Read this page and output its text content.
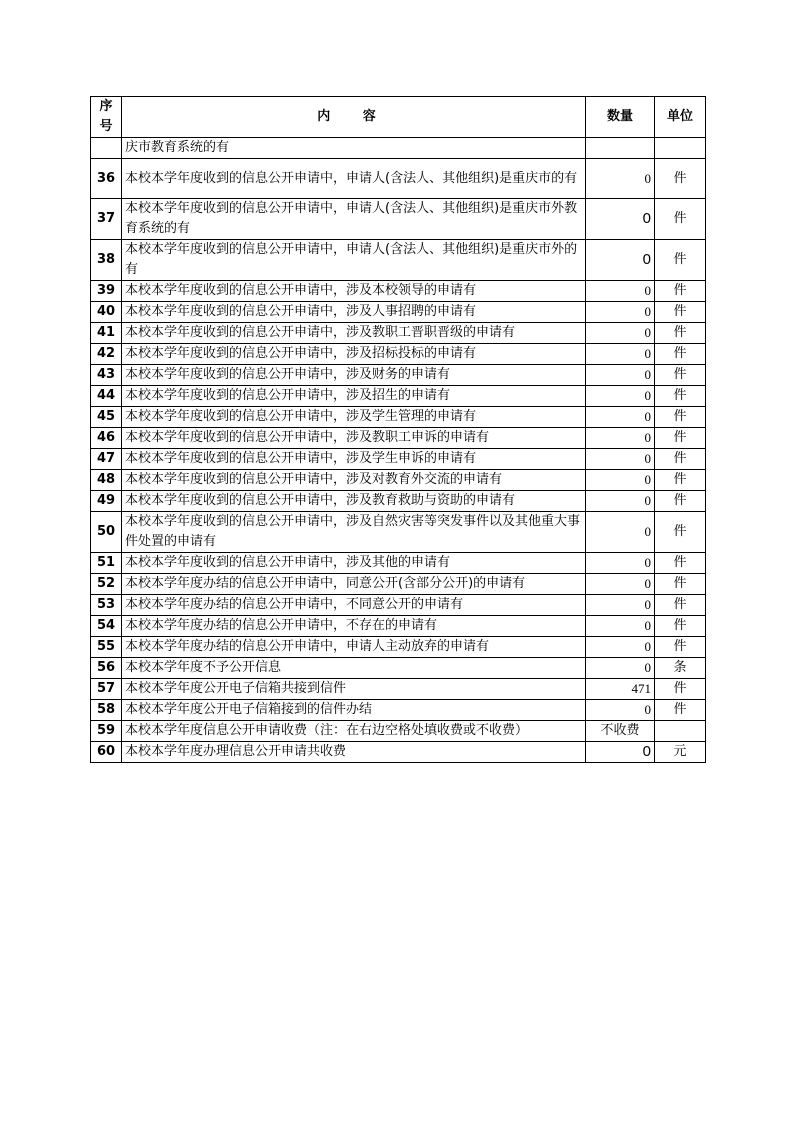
序号	内 容	数量	单位
	庆市教育系统的有		
36	本校本学年度收到的信息公开申请中，申请人(含法人、其他组织)是重庆市的有	0	件
37	本校本学年度收到的信息公开申请中，申请人(含法人、其他组织)是重庆市外教育系统的有	0	件
38	本校本学年度收到的信息公开申请中，申请人(含法人、其他组织)是重庆市外的有	0	件
39	本校本学年度收到的信息公开申请中，涉及本校领导的申请有	0	件
40	本校本学年度收到的信息公开申请中，涉及人事招聘的申请有	0	件
41	本校本学年度收到的信息公开申请中，涉及教职工晋职晋级的申请有	0	件
42	本校本学年度收到的信息公开申请中，涉及招标投标的申请有	0	件
43	本校本学年度收到的信息公开申请中，涉及财务的申请有	0	件
44	本校本学年度收到的信息公开申请中，涉及招生的申请有	0	件
45	本校本学年度收到的信息公开申请中，涉及学生管理的申请有	0	件
46	本校本学年度收到的信息公开申请中，涉及教职工申诉的申请有	0	件
47	本校本学年度收到的信息公开申请中，涉及学生申诉的申请有	0	件
48	本校本学年度收到的信息公开申请中，涉及对教育外交流的申请有	0	件
49	本校本学年度收到的信息公开申请中，涉及教育救助与资助的申请有	0	件
50	本校本学年度收到的信息公开申请中，涉及自然灾害等突发事件以及其他重大事件处置的申请有	0	件
51	本校本学年度收到的信息公开申请中，涉及其他的申请有	0	件
52	本校本学年度办结的信息公开申请中，同意公开(含部分公开)的申请有	0	件
53	本校本学年度办结的信息公开申请中，不同意公开的申请有	0	件
54	本校本学年度办结的信息公开申请中，不存在的申请有	0	件
55	本校本学年度办结的信息公开申请中，申请人主动放弃的申请有	0	件
56	本校本学年度不予公开信息	0	条
57	本校本学年度公开电子信箱共接到信件	471	件
58	本校本学年度公开电子信箱接到的信件办结	0	件
59	本校本学年度信息公开申请收费（注：在右边空格处填收费或不收费）	不收费	
60	本校本学年度办理信息公开申请共收费	0	元
